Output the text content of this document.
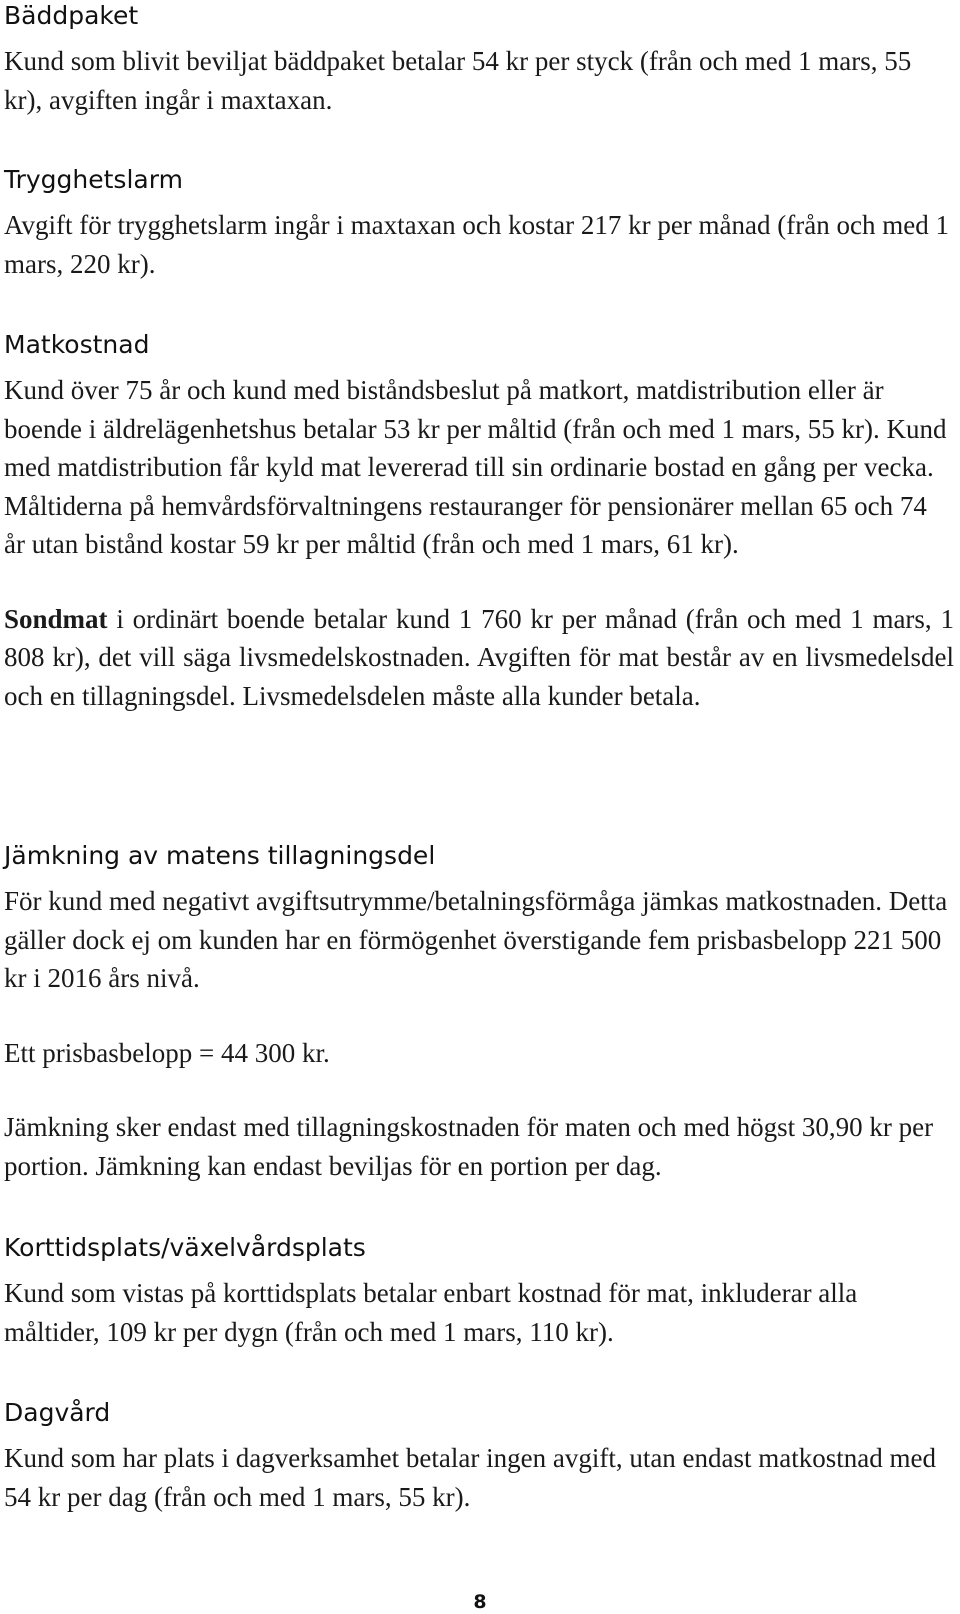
Bäddpaket

Kund som blivit beviljat bäddpaket betalar 54 kr per styck (från och med 1 mars, 55 kr), avgiften ingår i maxtaxan.

Trygghetslarm

Avgift för trygghetslarm ingår i maxtaxan och kostar 217 kr per månad (från och med 1 mars, 220 kr).

Matkostnad

Kund över 75 år och kund med biståndsbeslut på matkort, matdistribution eller är boende i äldrelägenhetshus betalar 53 kr per måltid (från och med 1 mars, 55 kr). Kund med matdistribution får kyld mat levererad till sin ordinarie bostad en gång per vecka. Måltiderna på hemvårdsförvaltningens restauranger för pensionärer mellan 65 och 74 år utan bistånd kostar 59 kr per måltid (från och med 1 mars, 61 kr).

Sondmat i ordinärt boende betalar kund 1 760 kr per månad (från och med 1 mars, 1 808 kr), det vill säga livsmedelskostnaden. Avgiften för mat består av en livsmedelsdel och en tillagningsdel. Livsmedelsdelen måste alla kunder betala.

Jämkning av matens tillagningsdel

För kund med negativt avgiftsutrymme/betalningsförmåga jämkas matkostnaden. Detta gäller dock ej om kunden har en förmögenhet överstigande fem prisbasbelopp 221 500 kr i 2016 års nivå.

Ett prisbasbelopp = 44 300 kr.

Jämkning sker endast med tillagningskostnaden för maten och med högst 30,90 kr per portion. Jämkning kan endast beviljas för en portion per dag.

Korttidsplats/växelvårdsplats

Kund som vistas på korttidsplats betalar enbart kostnad för mat, inkluderar alla måltider, 109 kr per dygn (från och med 1 mars, 110 kr).

Dagvård

Kund som har plats i dagverksamhet betalar ingen avgift, utan endast matkostnad med 54 kr per dag (från och med 1 mars, 55 kr).

8
